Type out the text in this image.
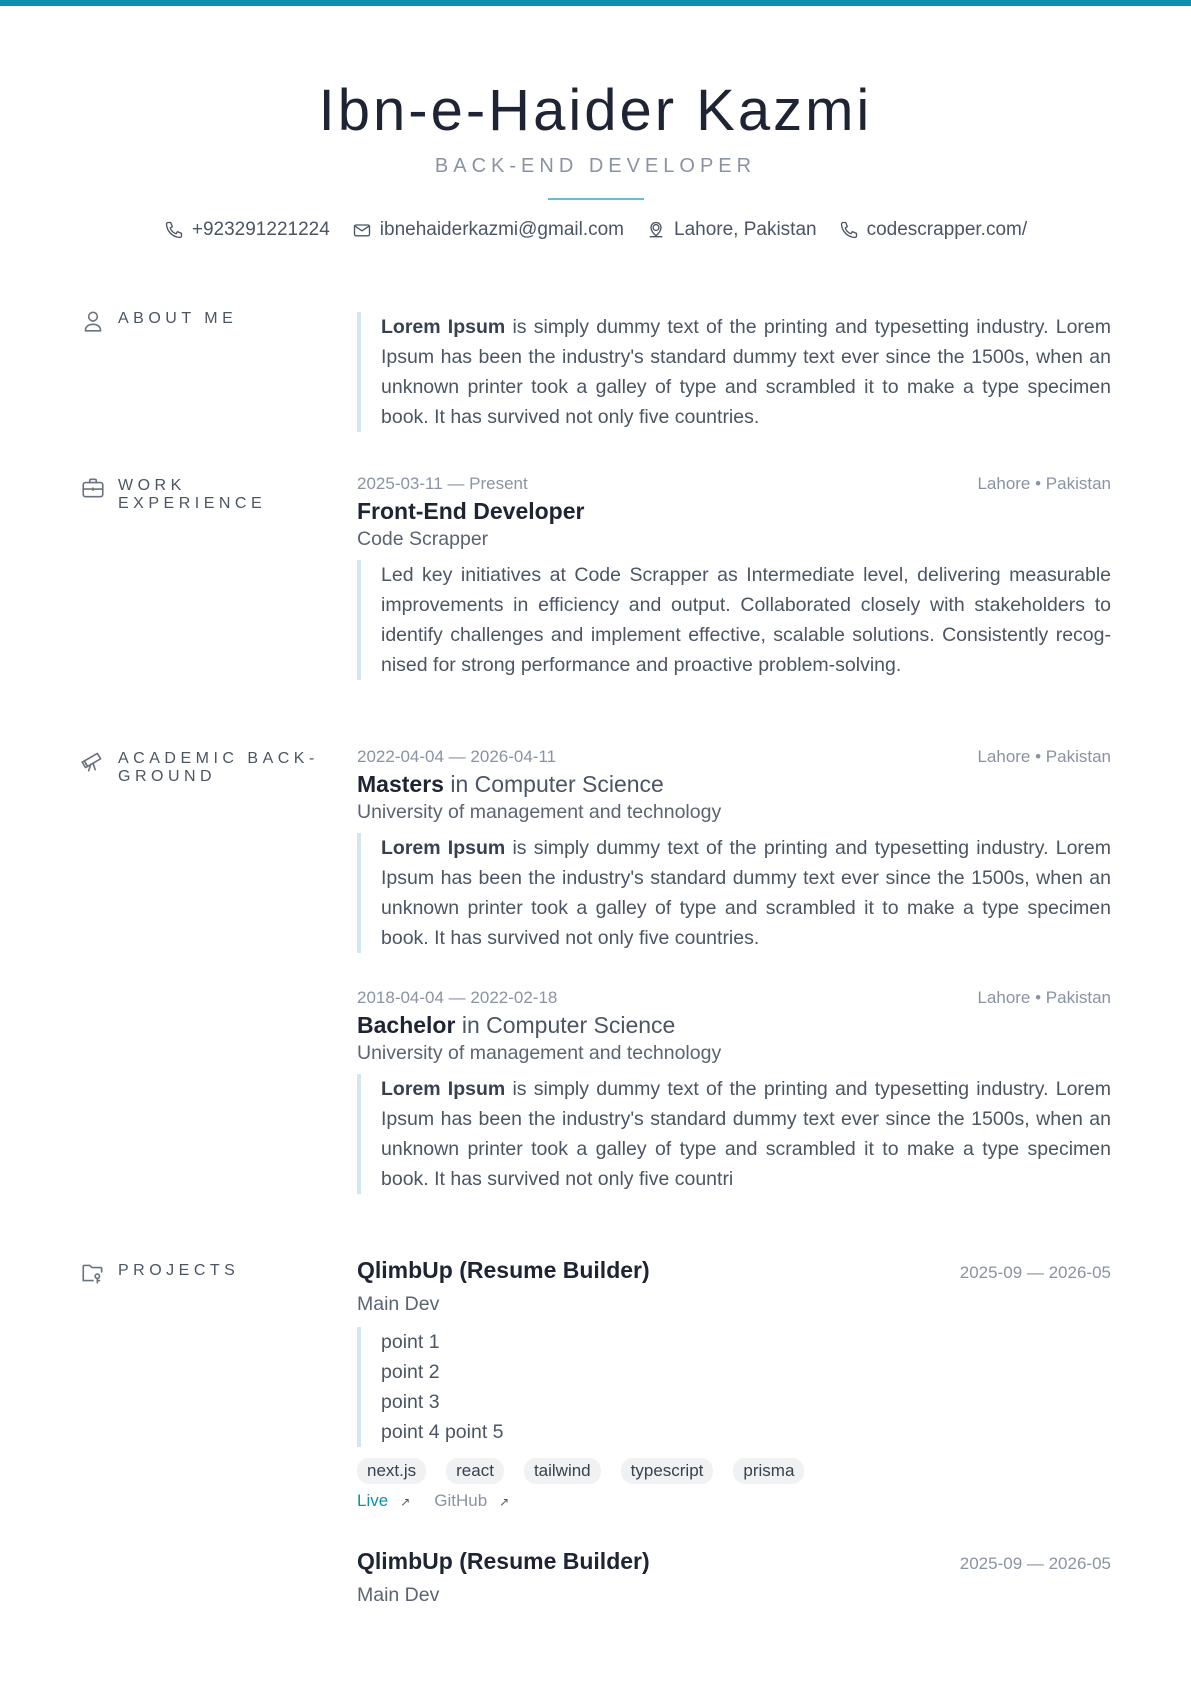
Ibn-e-Haider Kazmi
BACK-END DEVELOPER
+923291221224	ibnehaiderkazmi@gmail.com	Lahore, Pakistan	codescrapper.com/
ABOUT ME	Lorem Ipsum is simply dummy text of the printing and typesetting industry. Lorem Ipsum has been the industry's standard dummy text ever since the 1500s, when an unknown printer took a galley of type and scrambled it to make a type specimen book. It has survived not only five countries.
WORK EXPERIENCE
2025-03-11 — Present	Lahore • Pakistan
Front-End Developer
Code Scrapper
Led key initiatives at Code Scrapper as Intermediate level, delivering measurable improvements in efficiency and output. Collaborated closely with stakeholders to identify challenges and implement effective, scalable solutions. Consistently recog-nised for strong performance and proactive problem-solving.
ACADEMIC BACK-GROUND
2022-04-04 — 2026-04-11	Lahore • Pakistan
Masters in Computer Science
University of management and technology
Lorem Ipsum is simply dummy text of the printing and typesetting industry. Lorem Ipsum has been the industry's standard dummy text ever since the 1500s, when an unknown printer took a galley of type and scrambled it to make a type specimen book. It has survived not only five countries.
2018-04-04 — 2022-02-18	Lahore • Pakistan
Bachelor in Computer Science
University of management and technology
Lorem Ipsum is simply dummy text of the printing and typesetting industry. Lorem Ipsum has been the industry's standard dummy text ever since the 1500s, when an unknown printer took a galley of type and scrambled it to make a type specimen book. It has survived not only five countri
PROJECTS	QlimbUp (Resume Builder)	2025-09 — 2026-05
Main Dev
point 1
point 2
point 3
point 4 point 5
next.js	react	tailwind	typescript	prisma
Live ↗ GitHub ↗
QlimbUp (Resume Builder)	2025-09 — 2026-05
Main Dev
